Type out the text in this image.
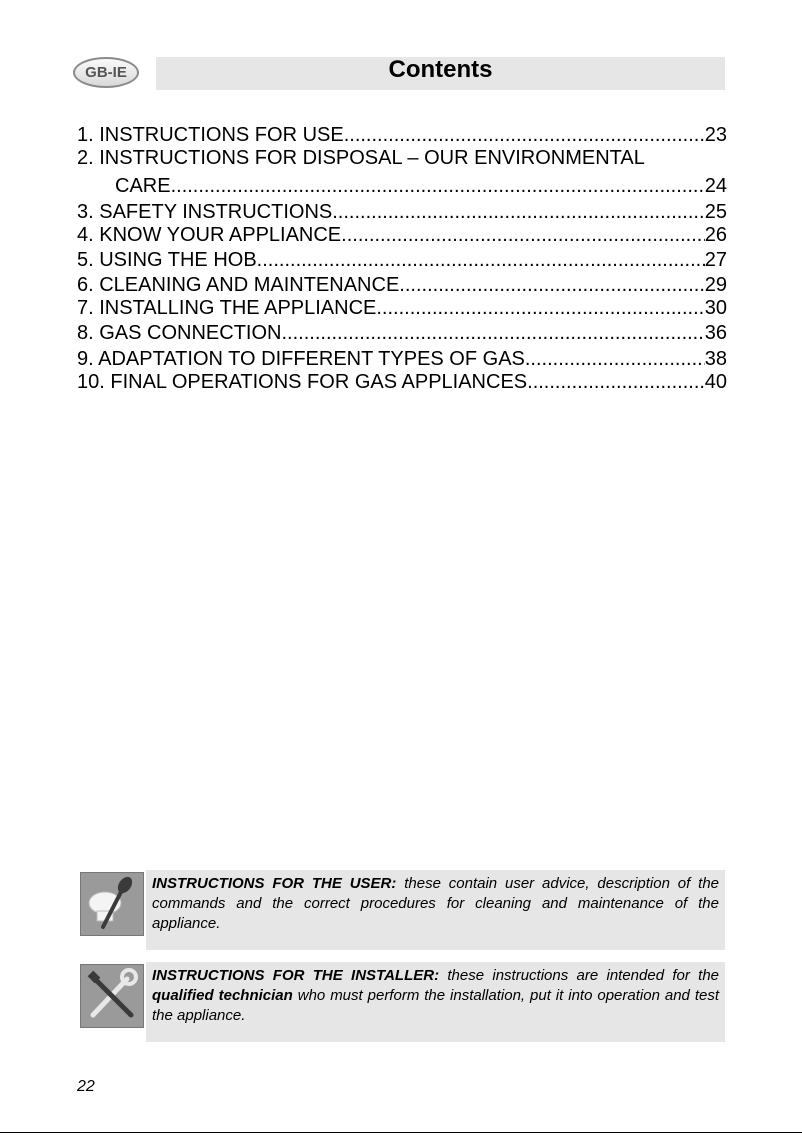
GB-IE	Contents
1. INSTRUCTIONS FOR USE .....	23
2. INSTRUCTIONS FOR DISPOSAL – OUR ENVIRONMENTAL
CARE .....	24
3. SAFETY INSTRUCTIONS .....	25
4. KNOW YOUR APPLIANCE .....	26
5. USING THE HOB .....	27
6. CLEANING AND MAINTENANCE .....	29
7. INSTALLING THE APPLIANCE .....	30
8. GAS CONNECTION .....	36
9. ADAPTATION TO DIFFERENT TYPES OF GAS .....	38
10. FINAL OPERATIONS FOR GAS APPLIANCES .....	40
INSTRUCTIONS FOR THE USER: these contain user advice, description of the commands and the correct procedures for cleaning and maintenance of the appliance.
INSTRUCTIONS FOR THE INSTALLER: these instructions are intended for the qualified technician who must perform the installation, put it into operation and test the appliance.
22
